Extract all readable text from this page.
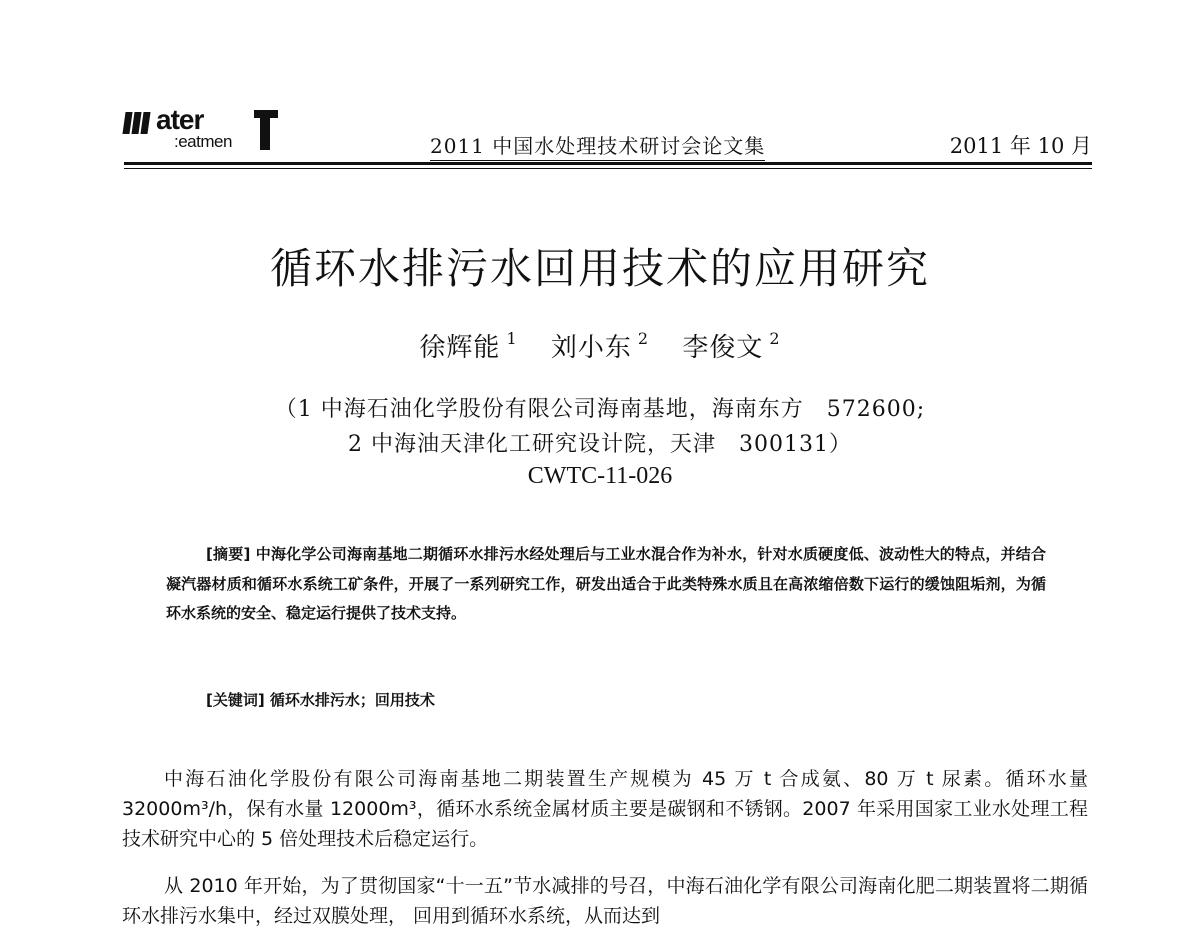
ater
:eatmen	2011 中国水处理技术研讨会论文集	2011 年 10 月
循环水排污水回用技术的应用研究
徐辉能 $^1$ 刘小东 $^2$ 李俊文 $^2$
（1 中海石油化学股份有限公司海南基地，海南东方　572600;
2 中海油天津化工研究设计院，天津　300131）
CWTC-11-026
[摘要] 中海化学公司海南基地二期循环水排污水经处理后与工业水混合作为补水，针对水质硬度低、波动性大的特点，并结合凝汽器材质和循环水系统工矿条件，开展了一系列研究工作，研发出适合于此类特殊水质且在高浓缩倍数下运行的缓蚀阻垢剂，为循环水系统的安全、稳定运行提供了技术支持。
[关键词] 循环水排污水；回用技术
中海石油化学股份有限公司海南基地二期装置生产规模为 45 万 t 合成氨、80 万 t 尿素。循环水量 32000m³/h，保有水量 12000m³，循环水系统金属材质主要是碳钢和不锈钢。2007 年采用国家工业水处理工程技术研究中心的 5 倍处理技术后稳定运行。
从 2010 年开始，为了贯彻国家“十一五”节水减排的号召，中海石油化学有限公司海南化肥二期装置将二期循环水排污水集中，经过双膜处理， 回用到循环水系统，从而达到
